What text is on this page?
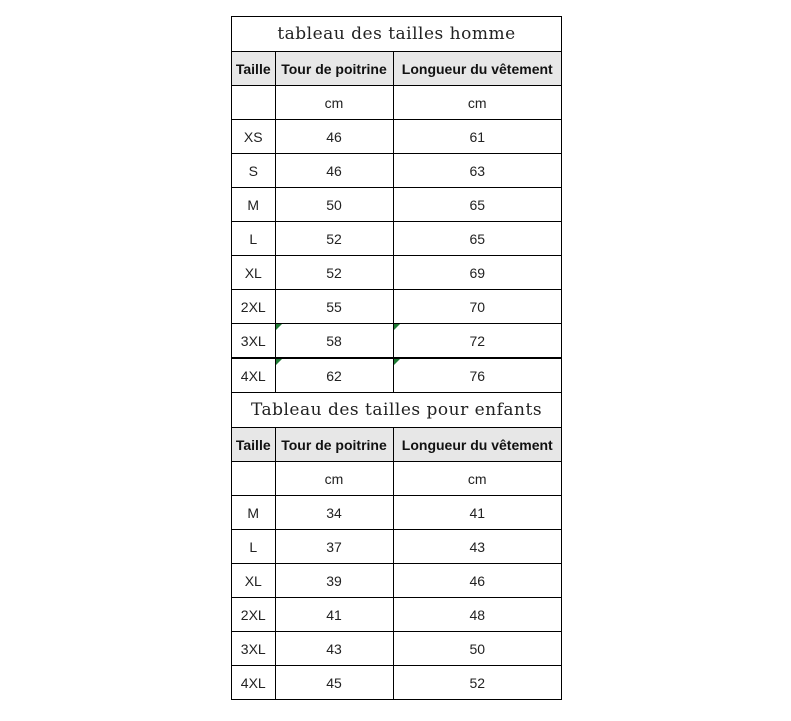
tableau des tailles homme		
Taille	Tour de poitrine	Longueur du vêtement
	cm	cm
XS	46	61
S	46	63
M	50	65
L	52	65
XL	52	69
2XL	55	70
3XL	58	72
4XL	62	76
Tableau des tailles pour enfants		
Taille	Tour de poitrine	Longueur du vêtement
	cm	cm
M	34	41
L	37	43
XL	39	46
2XL	41	48
3XL	43	50
4XL	45	52
